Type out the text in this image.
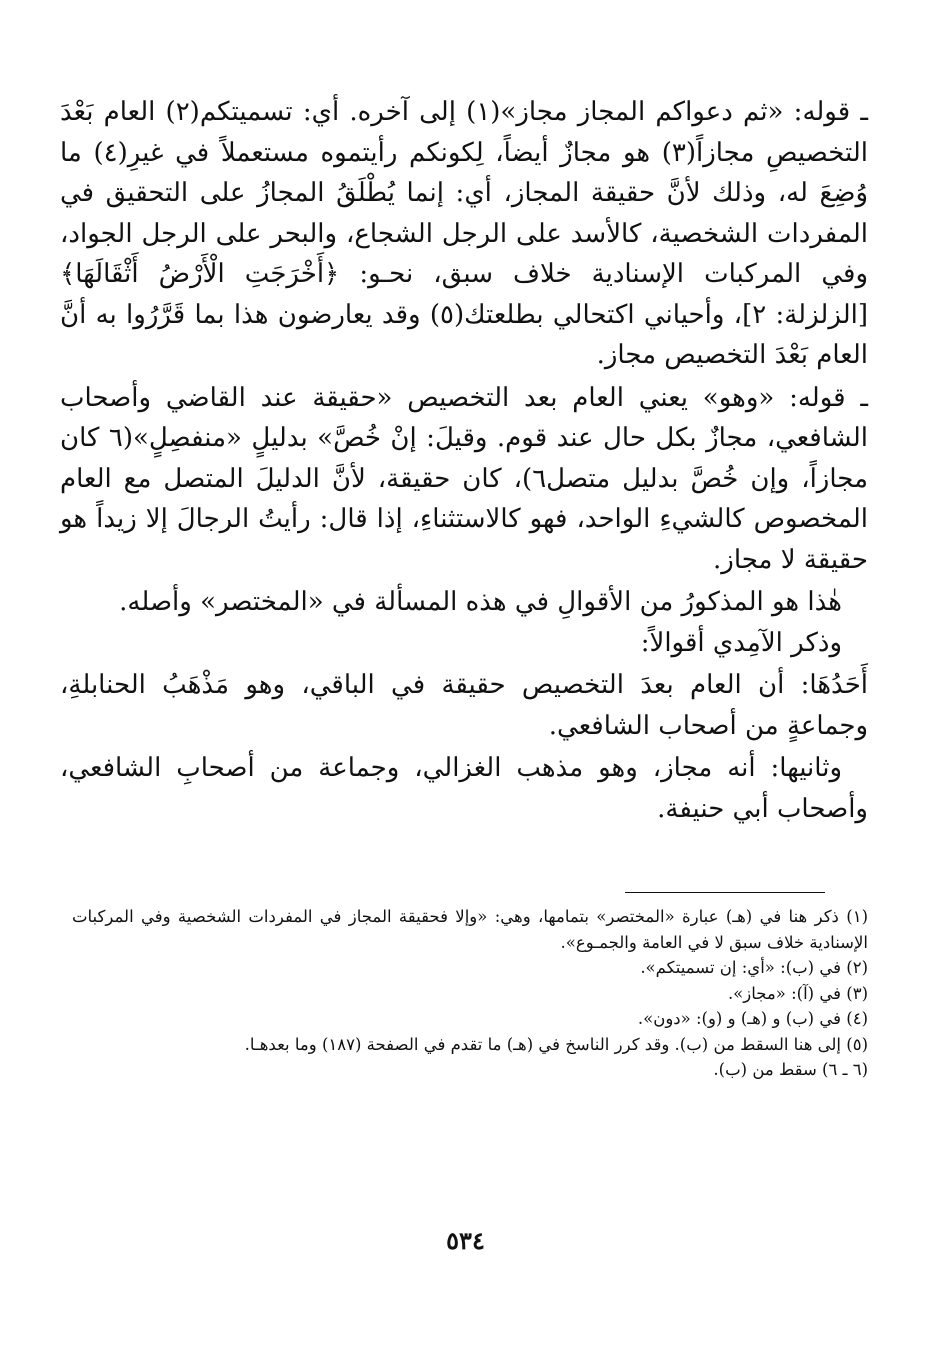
ـ قوله: «ثم دعواكم المجاز مجاز»(١) إلى آخره. أي: تسميتكم(٢) العام بَعْدَ التخصيصِ مجازاً(٣) هو مجازٌ أيضاً، لِكونكم رأيتموه مستعملاً في غيرِ(٤) ما وُضِعَ له، وذلك لأنَّ حقيقة المجاز، أي: إنما يُطْلَقُ المجازُ على التحقيق في المفردات الشخصية، كالأسد على الرجل الشجاع، والبحر على الرجل الجواد، وفي المركبات الإسنادية خلاف سبق، نحـو: ﴿أَخْرَجَتِ الْأَرْضُ أَثْقَالَهَا﴾ [الزلزلة: ٢]، وأحياني اكتحالي بطلعتك(٥) وقد يعارضون هذا بما قَرَّرُوا به أنَّ العام بَعْدَ التخصيص مجاز.

ـ قوله: «وهو» يعني العام بعد التخصيص «حقيقة عند القاضي وأصحاب الشافعي، مجازٌ بكل حال عند قوم. وقيلَ: إنْ خُصَّ» بدليلٍ «منفصِلٍ»(٦ كان مجازاً، وإن خُصَّ بدليل متصل٦)، كان حقيقة، لأنَّ الدليلَ المتصل مع العام المخصوص كالشيءِ الواحد، فهو كالاستثناءِ، إذا قال: رأيتُ الرجالَ إلا زيداً هو حقيقة لا مجاز.

هٰذا هو المذكورُ من الأقوالِ في هذه المسألة في «المختصر» وأصله.

وذكر الآمِدي أقوالاً:

أَحَدُهَا: أن العام بعدَ التخصيص حقيقة في الباقي، وهو مَذْهَبُ الحنابلةِ، وجماعةٍ من أصحاب الشافعي.

وثانيها: أنه مجاز، وهو مذهب الغزالي، وجماعة من أصحابِ الشافعي، وأصحاب أبي حنيفة.

(١) ذكر هنا في (هـ) عبارة «المختصر» بتمامها، وهي: «وإلا فحقيقة المجاز في المفردات الشخصية وفي المركبات الإسنادية خلاف سبق لا في العامة والجمـوع».

(٢) في (ب): «أي: إن تسميتكم».

(٣) في (آ): «مجاز».

(٤) في (ب) و (هـ) و (و): «دون».

(٥) إلى هنا السقط من (ب). وقد كرر الناسخ في (هـ) ما تقدم في الصفحة (١٨٧) وما بعدهـا.

(٦ ـ ٦) سقط من (ب).

٥٣٤
